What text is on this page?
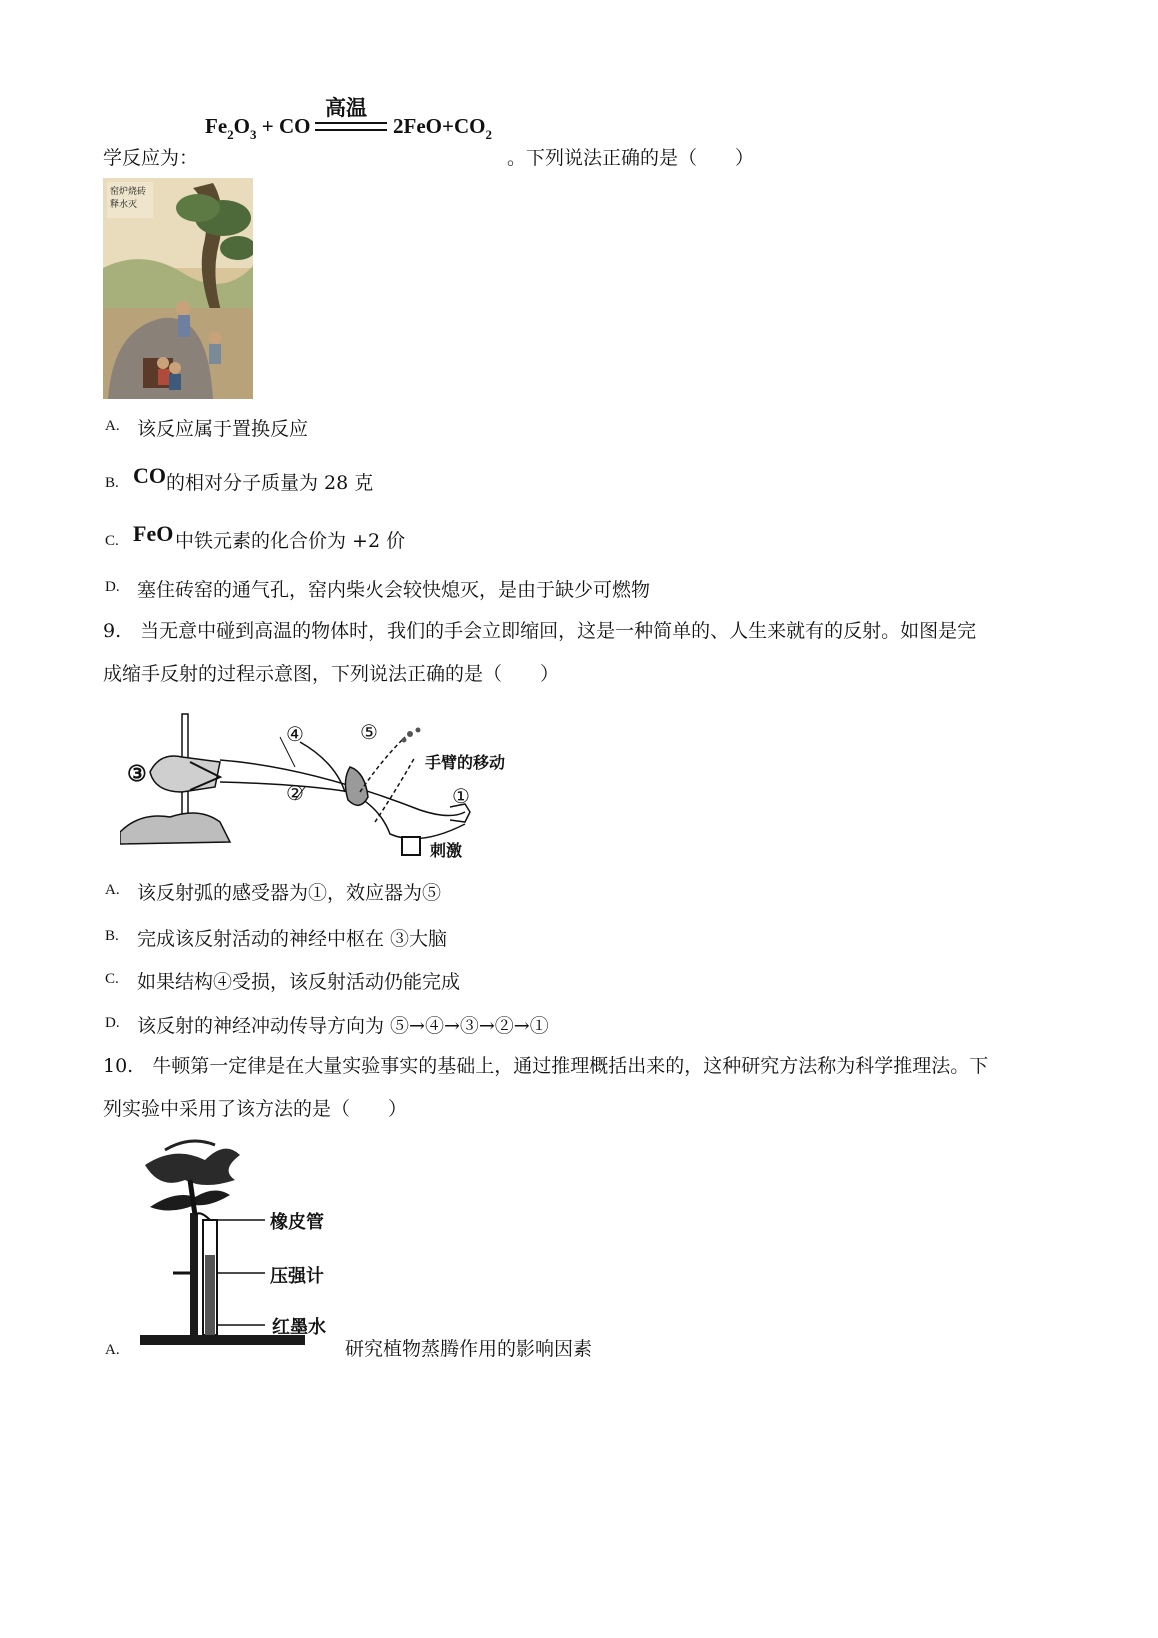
高温
$Fe_2O_3$ + CO	$2FeO+CO_2$
学反应为：	。下列说法正确的是（　　）
窑炉烧砖 释水灭
A. 该反应属于置换反应
B. CO 的相对分子质量为 28 克
C. FeO 中铁元素的化合价为 +2 价
D. 塞住砖窑的通气孔，窑内柴火会较快熄灭，是由于缺少可燃物
9.　当无意中碰到高温的物体时，我们的手会立即缩回，这是一种简单的、人生来就有的反射。如图是完
成缩手反射的过程示意图，下列说法正确的是（　　）
③
④
②
⑤
①
手臂的移动
刺激
A. 该反射弧的感受器为①，效应器为⑤
B. 完成该反射活动的神经中枢在 ③大脑
C. 如果结构④受损，该反射活动仍能完成
D. 该反射的神经冲动传导方向为 ⑤→④→③→②→①
10.　牛顿第一定律是在大量实验事实的基础上，通过推理概括出来的，这种研究方法称为科学推理法。下
列实验中采用了该方法的是（　　）
橡皮管
压强计
红墨水
A.	研究植物蒸腾作用的影响因素
